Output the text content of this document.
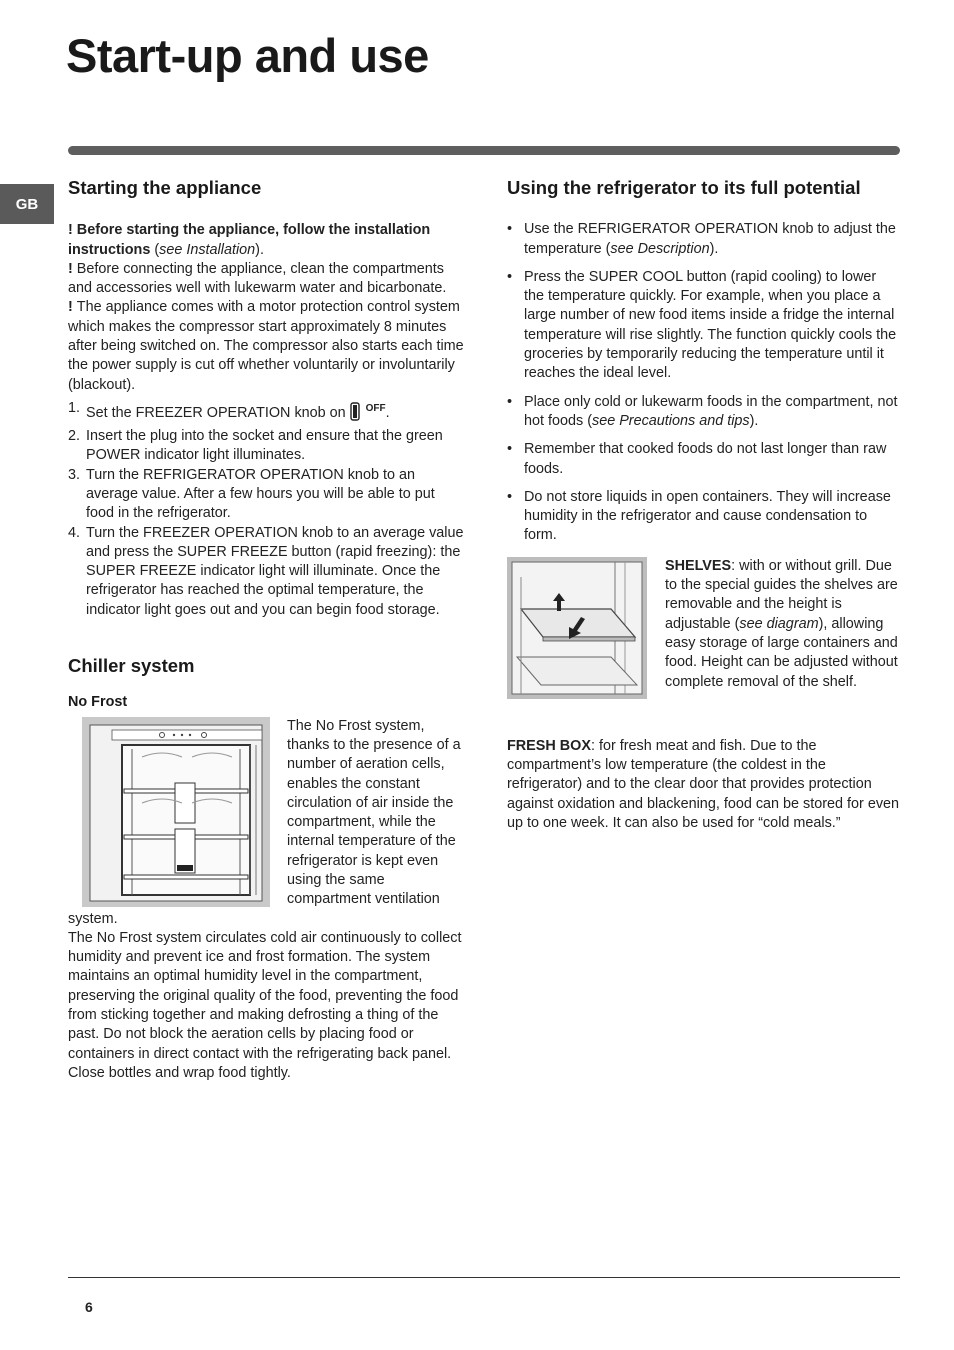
Start-up and use
GB
Starting the appliance

! Before starting the appliance, follow the installation instructions (see Installation).

! Before connecting the appliance, clean the compartments and accessories well with lukewarm water and bicarbonate.

! The appliance comes with a motor protection control system which makes the compressor start approximately 8 minutes after being switched on. The compressor also starts each time the power supply is cut off whether voluntarily or involuntarily (blackout).

1. Set the FREEZER OPERATION knob on $^{OFF}$.
2. Insert the plug into the socket and ensure that the green POWER indicator light illuminates.
3. Turn the REFRIGERATOR OPERATION knob to an average value. After a few hours you will be able to put food in the refrigerator.
4. Turn the FREEZER OPERATION knob to an average value and press the SUPER FREEZE button (rapid freezing): the SUPER FREEZE indicator light will illuminate. Once the refrigerator has reached the optimal temperature, the indicator light goes out and you can begin food storage.
Chiller system
No Frost

The No Frost system, thanks to the presence of a number of aeration cells, enables the constant circulation of air inside the compartment, while the internal temperature of the refrigerator is kept even using the same compartment ventilation system.

The No Frost system circulates cold air continuously to collect humidity and prevent ice and frost formation. The system maintains an optimal humidity level in the compartment, preserving the original quality of the food, preventing the food from sticking together and making defrosting a thing of the past. Do not block the aeration cells by placing food or containers in direct contact with the refrigerating back panel. Close bottles and wrap food tightly.

Using the refrigerator to its full potential
• Use the REFRIGERATOR OPERATION knob to adjust the temperature (see Description).
• Press the SUPER COOL button (rapid cooling) to lower the temperature quickly. For example, when you place a large number of new food items inside a fridge the internal temperature will rise slightly. The function quickly cools the groceries by temporarily reducing the temperature until it reaches the ideal level.
• Place only cold or lukewarm foods in the compartment, not hot foods (see Precautions and tips).
• Remember that cooked foods do not last longer than raw foods.
• Do not store liquids in open containers. They will increase humidity in the refrigerator and cause condensation to form.

SHELVES: with or without grill. Due to the special guides the shelves are removable and the height is adjustable (see diagram), allowing easy storage of large containers and food. Height can be adjusted without complete removal of the shelf.

FRESH BOX: for fresh meat and fish. Due to the compartment’s low temperature (the coldest in the refrigerator) and to the clear door that provides protection against oxidation and blackening, food can be stored for even up to one week. It can also be used for “cold meals.”

6
